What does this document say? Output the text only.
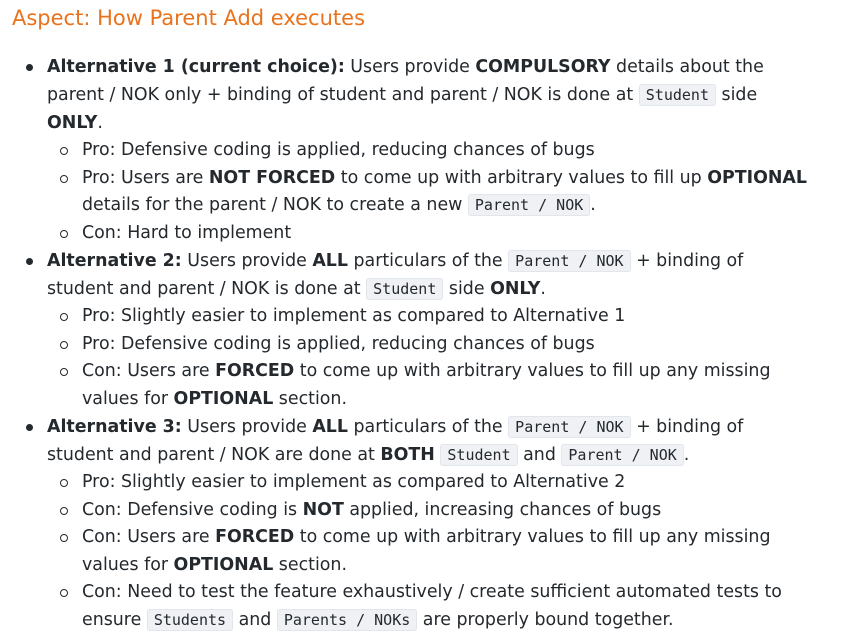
Aspect: How Parent Add executes
Alternative 1 (current choice): Users provide COMPULSORY details about the parent / NOK only + binding of student and parent / NOK is done at Student side ONLY.
Pro: Defensive coding is applied, reducing chances of bugs
Pro: Users are NOT FORCED to come up with arbitrary values to fill up OPTIONAL details for the parent / NOK to create a new Parent / NOK .
Con: Hard to implement
Alternative 2: Users provide ALL particulars of the Parent / NOK + binding of student and parent / NOK is done at Student side ONLY.
Pro: Slightly easier to implement as compared to Alternative 1
Pro: Defensive coding is applied, reducing chances of bugs
Con: Users are FORCED to come up with arbitrary values to fill up any missing values for OPTIONAL section.
Alternative 3: Users provide ALL particulars of the Parent / NOK + binding of student and parent / NOK are done at BOTH Student and Parent / NOK .
Pro: Slightly easier to implement as compared to Alternative 2
Con: Defensive coding is NOT applied, increasing chances of bugs
Con: Users are FORCED to come up with arbitrary values to fill up any missing values for OPTIONAL section.
Con: Need to test the feature exhaustively / create sufficient automated tests to ensure Students and Parents / NOKs are properly bound together.
